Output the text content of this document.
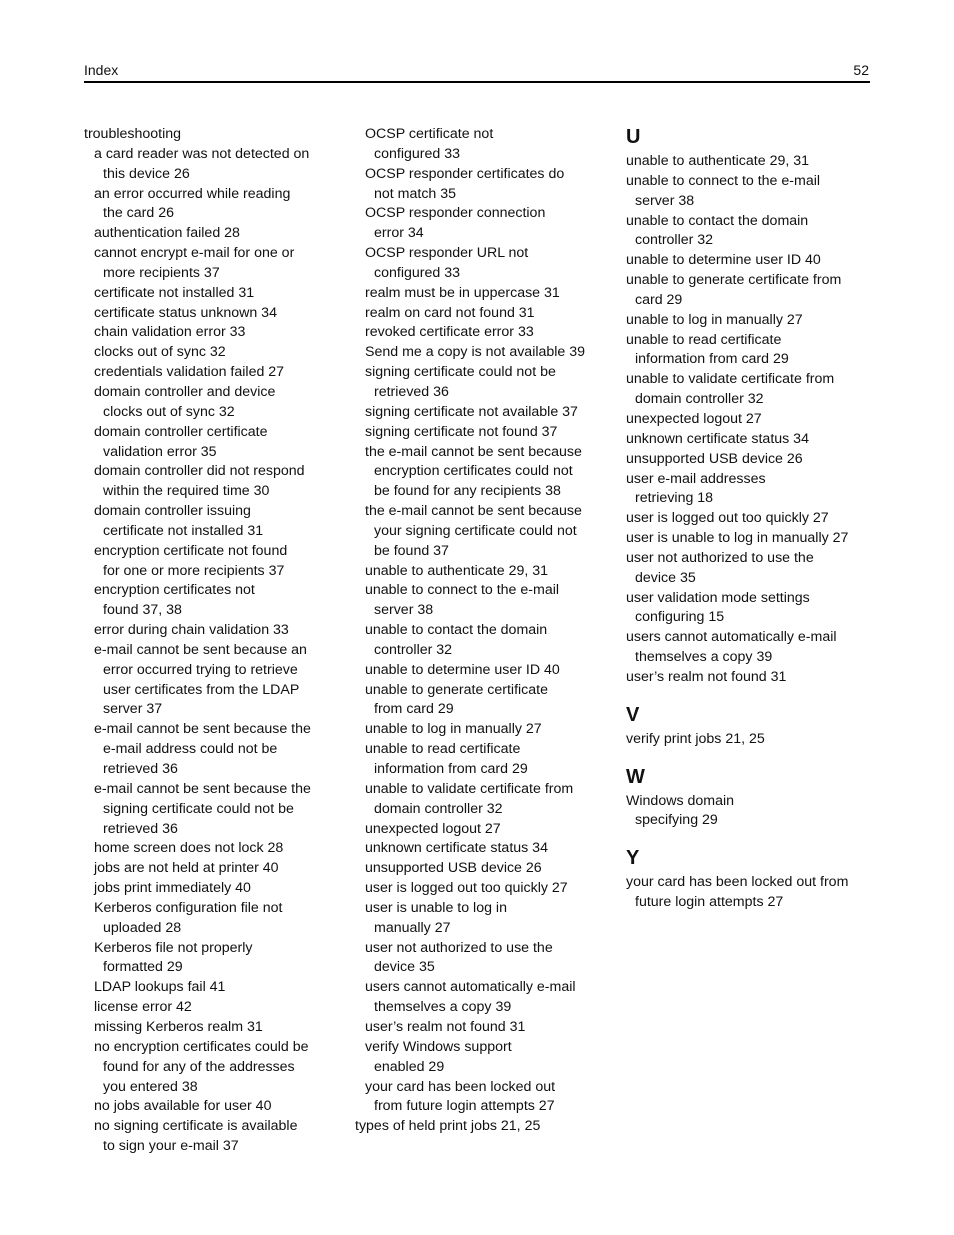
Index	52

troubleshooting

a card reader was not detected on
this device 26
an error occurred while reading
the card 26
authentication failed 28
cannot encrypt e-mail for one or
more recipients 37
certificate not installed 31
certificate status unknown 34
chain validation error 33
clocks out of sync 32
credentials validation failed 27
domain controller and device
clocks out of sync 32
domain controller certificate
validation error 35
domain controller did not respond
within the required time 30
domain controller issuing
certificate not installed 31
encryption certificate not found
for one or more recipients 37
encryption certificates not
found 37, 38
error during chain validation 33
e-mail cannot be sent because an
error occurred trying to retrieve
user certificates from the LDAP
server 37
e-mail cannot be sent because the
e-mail address could not be
retrieved 36
e-mail cannot be sent because the
signing certificate could not be
retrieved 36
home screen does not lock 28
jobs are not held at printer 40
jobs print immediately 40
Kerberos configuration file not
uploaded 28
Kerberos file not properly
formatted 29
LDAP lookups fail 41
license error 42
missing Kerberos realm 31
no encryption certificates could be
found for any of the addresses
you entered 38
no jobs available for user 40
no signing certificate is available
to sign your e-mail 37
OCSP certificate not
configured 33
OCSP responder certificates do
not match 35
OCSP responder connection
error 34
OCSP responder URL not
configured 33
realm must be in uppercase 31
realm on card not found 31
revoked certificate error 33
Send me a copy is not available 39
signing certificate could not be
retrieved 36
signing certificate not available 37
signing certificate not found 37
the e-mail cannot be sent because
encryption certificates could not
be found for any recipients 38
the e-mail cannot be sent because
your signing certificate could not
be found 37
unable to authenticate 29, 31
unable to connect to the e-mail
server 38
unable to contact the domain
controller 32
unable to determine user ID 40
unable to generate certificate
from card 29
unable to log in manually 27
unable to read certificate
information from card 29
unable to validate certificate from
domain controller 32
unexpected logout 27
unknown certificate status 34
unsupported USB device 26
user is logged out too quickly 27
user is unable to log in
manually 27
user not authorized to use the
device 35
users cannot automatically e-mail
themselves a copy 39
user’s realm not found 31
verify Windows support
enabled 29
your card has been locked out
from future login attempts 27

types of held print jobs 21, 25

U

unable to authenticate 29, 31
unable to connect to the e-mail
server 38
unable to contact the domain
controller 32
unable to determine user ID 40
unable to generate certificate from
card 29
unable to log in manually 27
unable to read certificate
information from card 29
unable to validate certificate from
domain controller 32
unexpected logout 27
unknown certificate status 34
unsupported USB device 26
user e-mail addresses
retrieving 18
user is logged out too quickly 27
user is unable to log in manually 27
user not authorized to use the
device 35
user validation mode settings
configuring 15
users cannot automatically e-mail
themselves a copy 39
user’s realm not found 31

V

verify print jobs 21, 25

W

Windows domain
specifying 29

Y

your card has been locked out from
future login attempts 27
